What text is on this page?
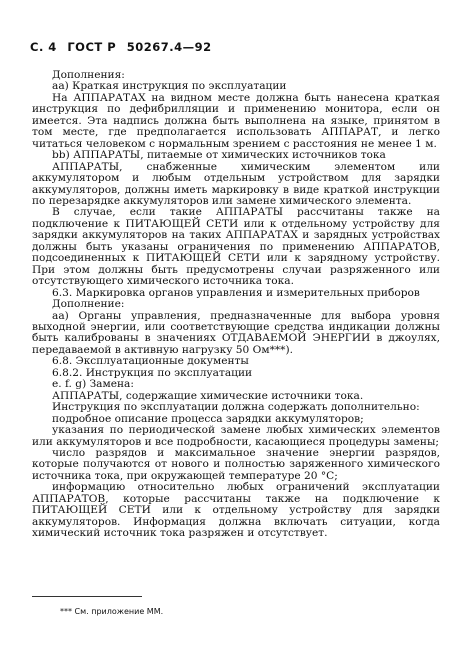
С. 4 ГОСТ Р 50267.4—92

Дополнения:

аа) Краткая инструкция по эксплуатации

На АППАРАТАХ на видном месте должна быть нанесена краткая инструкция по дефибрилляции и применению монитора, если он имеется. Эта надпись должна быть выполнена на языке, принятом в том месте, где предполагается использовать АППАРАТ, и легко читаться человеком с нормальным зрением с расстояния не менее 1 м.

bb) АППАРАТЫ, питаемые от химических источников тока

АППАРАТЫ, снабженные химическим элементом или аккумулятором и любым отдельным устройством для зарядки аккумуляторов, должны иметь маркировку в виде краткой инструкции по перезарядке аккумуляторов или замене химического элемента.

В случае, если такие АППАРАТЫ рассчитаны также на подключение к ПИТАЮЩЕЙ СЕТИ или к отдельному устройству для зарядки аккумуляторов на таких АППАРАТАХ и зарядных устройствах должны быть указаны ограничения по применению АППАРАТОВ, подсоединенных к ПИТАЮЩЕЙ СЕТИ или к зарядному устройству. При этом должны быть предусмотрены случаи разряженного или отсутствующего химического источника тока.

6.3. Маркировка органов управления и измерительных приборов

Дополнение:

аа) Органы управления, предназначенные для выбора уровня выходной энергии, или соответствующие средства индикации должны быть калиброваны в значениях ОТДАВАЕМОЙ ЭНЕРГИИ в джоулях, передаваемой в активную нагрузку 50 Ом***).

6.8. Эксплуатационные документы

6.8.2. Инструкция по эксплуатации

е. f. g) Замена:

АППАРАТЫ, содержащие химические источники тока.

Инструкция по эксплуатации должна содержать дополнительно:

подробное описание процесса зарядки аккумуляторов;

указания по периодической замене любых химических элементов или аккумуляторов и все подробности, касающиеся процедуры замены;

число разрядов и максимальное значение энергии разрядов, которые получаются от нового и полностью заряженного химического источника тока, при окружающей температуре 20 °С;

информацию относительно любых ограничений эксплуатации АППАРАТОВ, которые рассчитаны также на подключение к ПИТАЮЩЕЙ СЕТИ или к отдельному устройству для зарядки аккумуляторов. Информация должна включать ситуации, когда химический источник тока разряжен и отсутствует.

*** См. приложение ММ.
